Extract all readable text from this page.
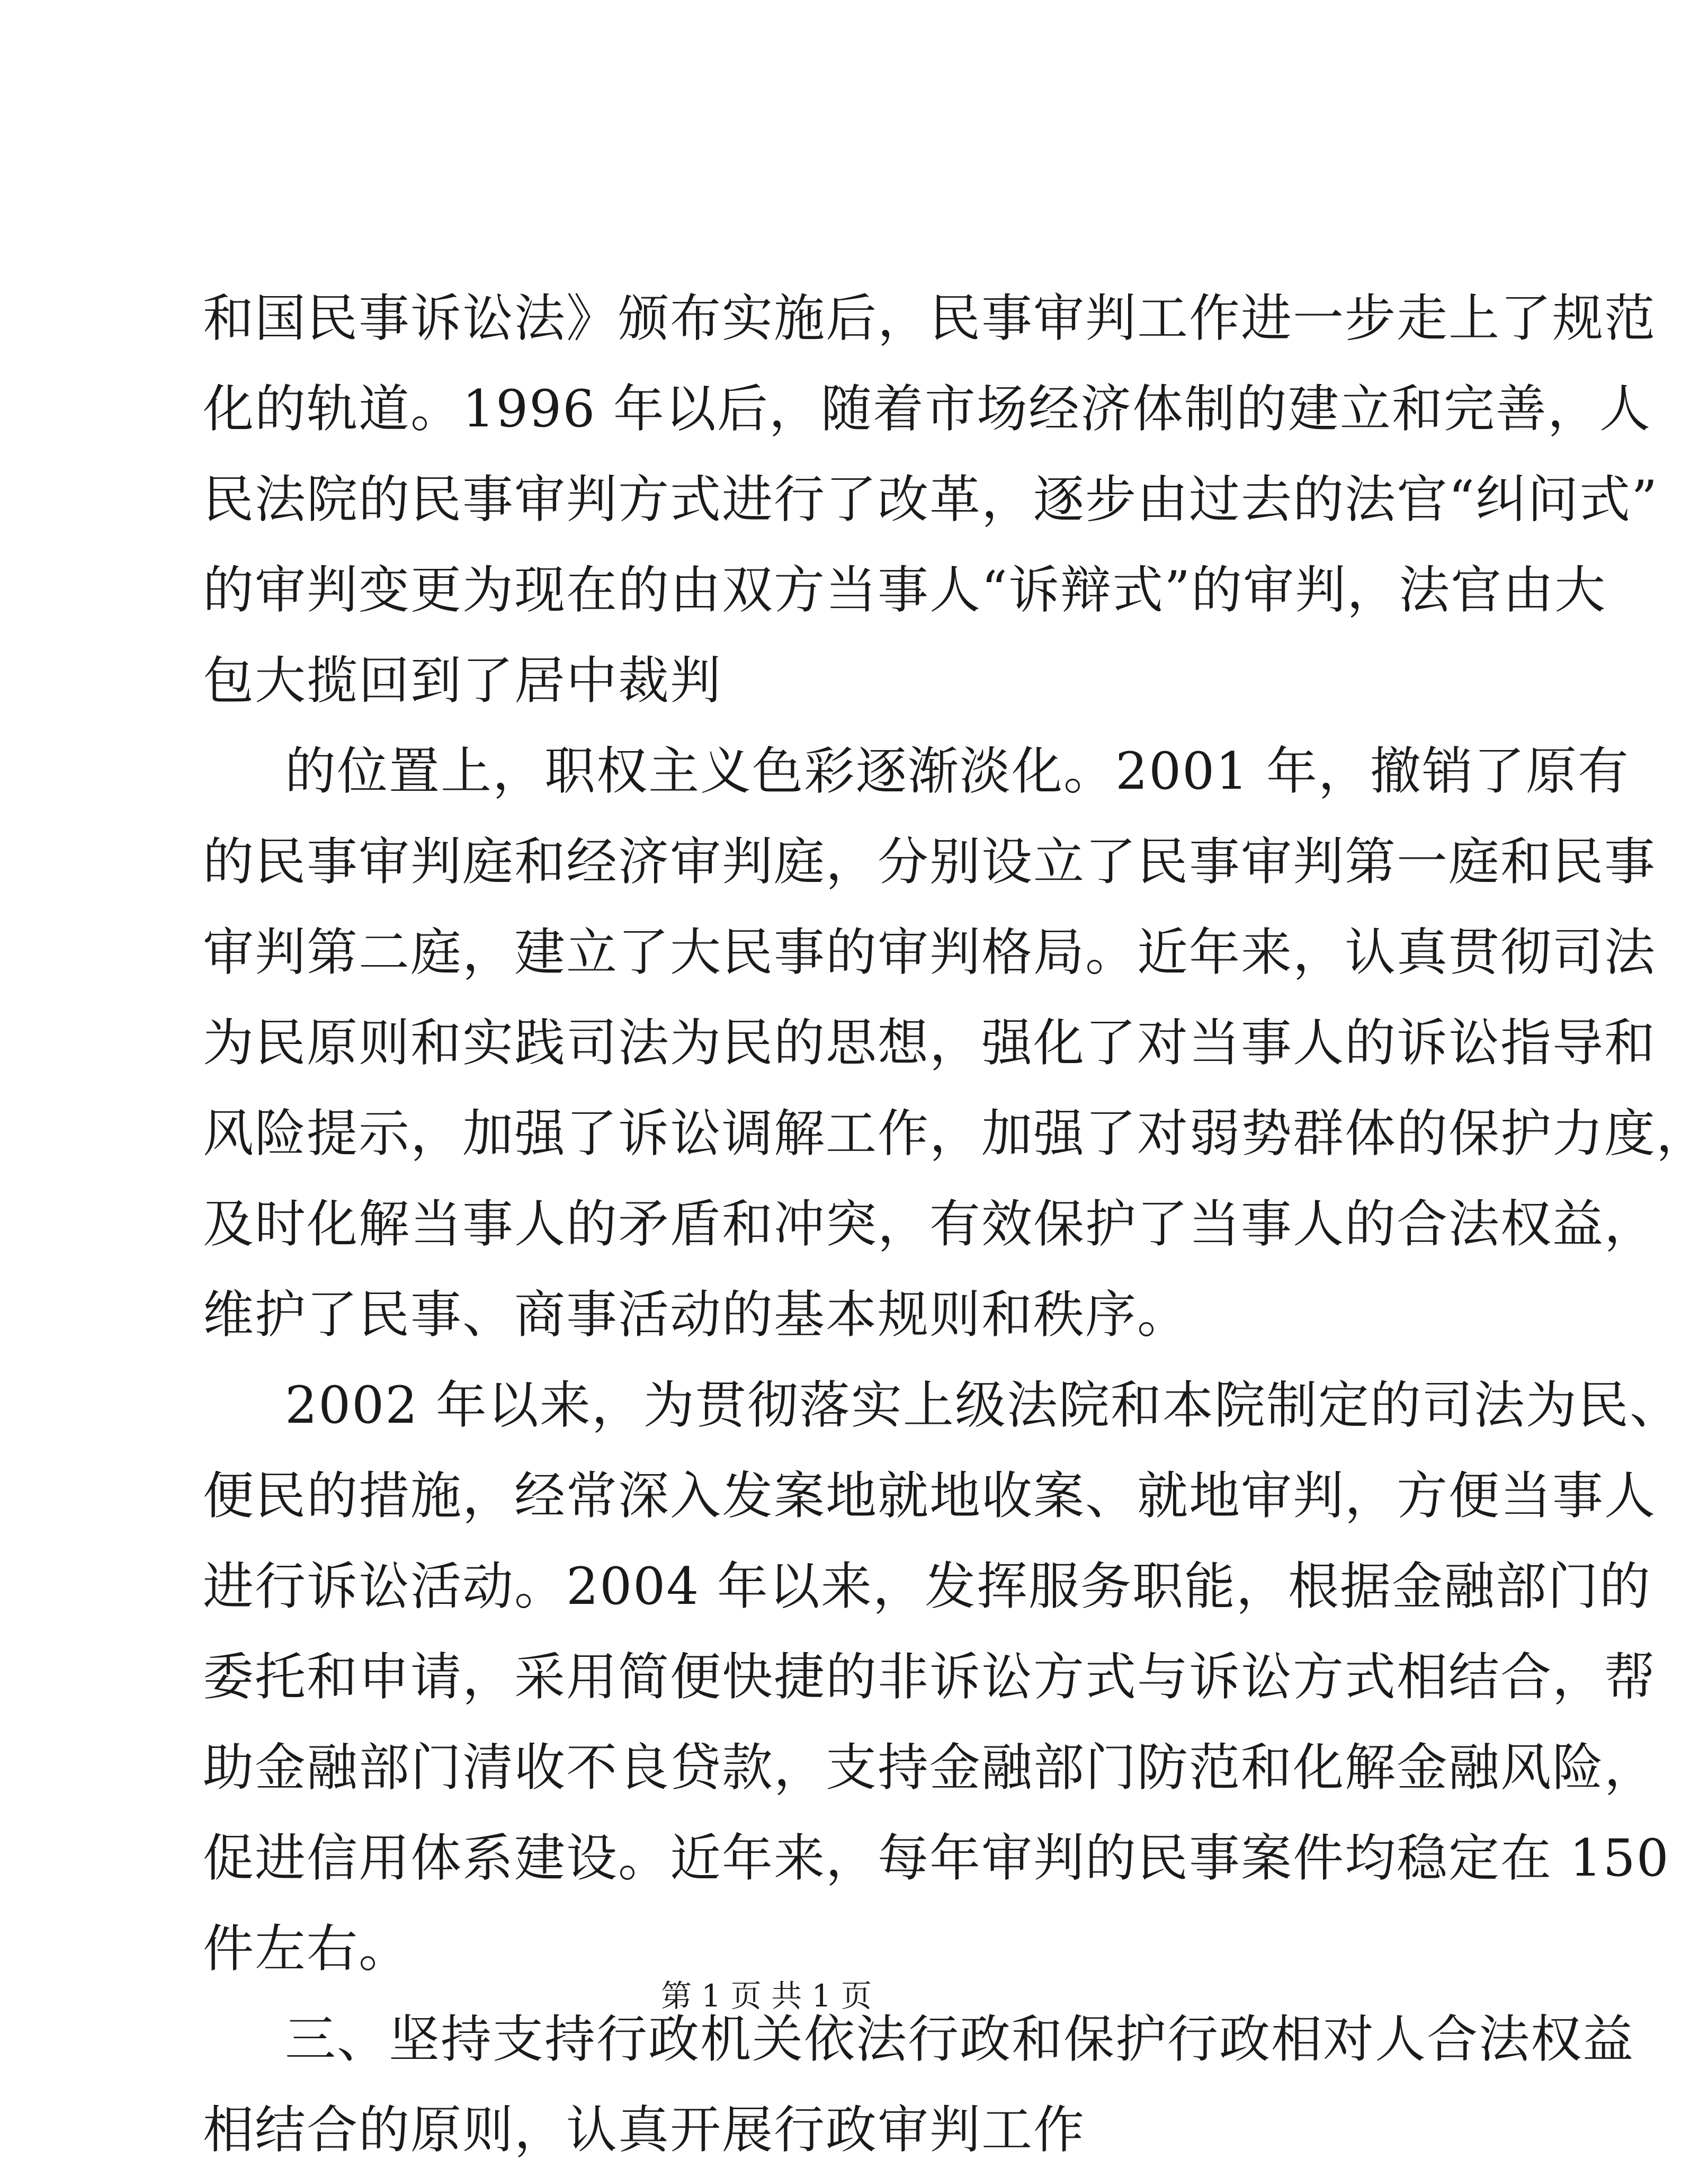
和国民事诉讼法》颁布实施后，民事审判工作进一步走上了规范

化的轨道。1996 年以后，随着市场经济体制的建立和完善，人

民法院的民事审判方式进行了改革，逐步由过去的法官“纠问式”

的审判变更为现在的由双方当事人“诉辩式”的审判，法官由大

包大揽回到了居中裁判

的位置上，职权主义色彩逐渐淡化。2001 年，撤销了原有

的民事审判庭和经济审判庭，分别设立了民事审判第一庭和民事

审判第二庭，建立了大民事的审判格局。近年来，认真贯彻司法

为民原则和实践司法为民的思想，强化了对当事人的诉讼指导和

风险提示，加强了诉讼调解工作，加强了对弱势群体的保护力度，

及时化解当事人的矛盾和冲突，有效保护了当事人的合法权益，

维护了民事、商事活动的基本规则和秩序。

2002 年以来，为贯彻落实上级法院和本院制定的司法为民、

便民的措施，经常深入发案地就地收案、就地审判，方便当事人

进行诉讼活动。2004 年以来，发挥服务职能，根据金融部门的

委托和申请，采用简便快捷的非诉讼方式与诉讼方式相结合，帮

助金融部门清收不良贷款，支持金融部门防范和化解金融风险，

促进信用体系建设。近年来，每年审判的民事案件均稳定在 150

件左右。

三、坚持支持行政机关依法行政和保护行政相对人合法权益

相结合的原则，认真开展行政审判工作

第 1 页 共 1 页
